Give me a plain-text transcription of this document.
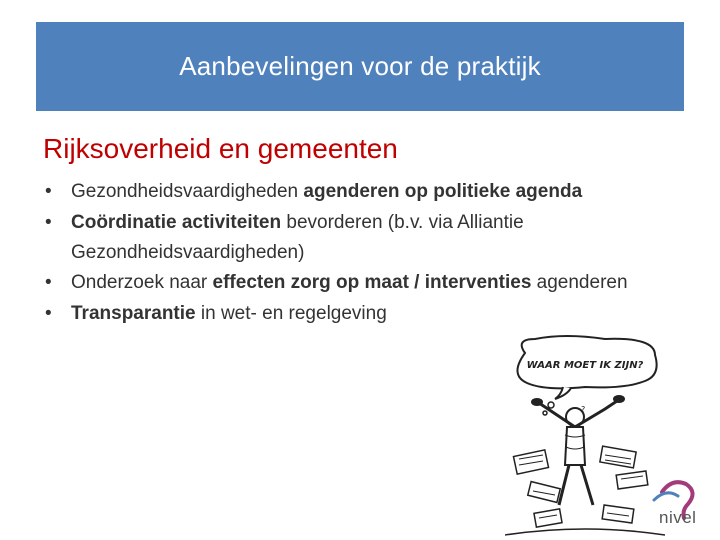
Aanbevelingen voor de praktijk
Rijksoverheid en gemeenten
• Gezondheidsvaardigheden agenderen op politieke agenda
• Coördinatie activiteiten bevorderen (b.v. via Alliantie Gezondheidsvaardigheden)
• Onderzoek naar effecten zorg op maat / interventies agenderen
• Transparantie in wet- en regelgeving
WAAR MOET IK ZIJN?
?
nivel
